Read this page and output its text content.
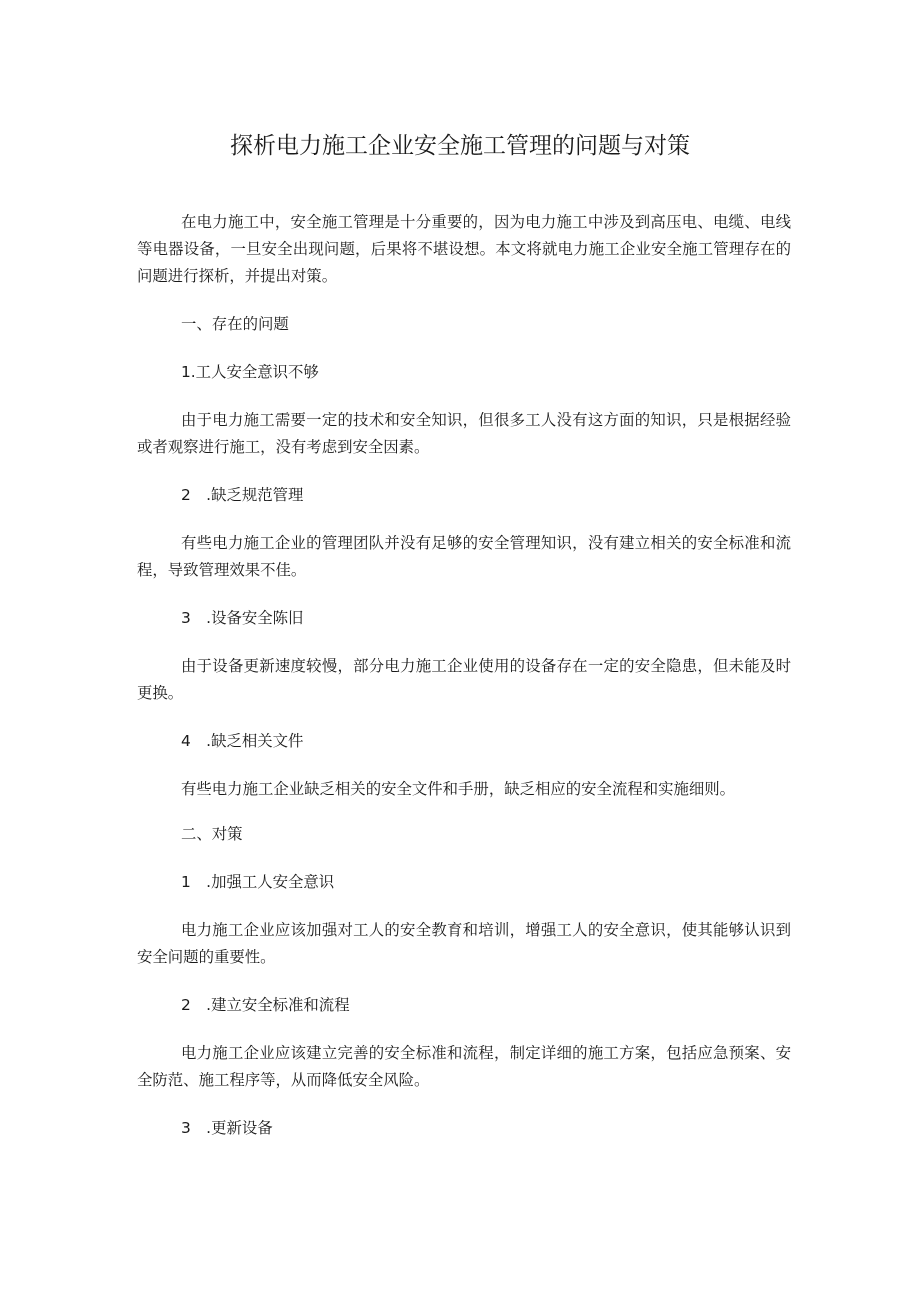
探析电力施工企业安全施工管理的问题与对策

在电力施工中，安全施工管理是十分重要的，因为电力施工中涉及到高压电、电缆、电线等电器设备，一旦安全出现问题，后果将不堪设想。本文将就电力施工企业安全施工管理存在的问题进行探析，并提出对策。

一、存在的问题

1.工人安全意识不够

由于电力施工需要一定的技术和安全知识，但很多工人没有这方面的知识，只是根据经验或者观察进行施工，没有考虑到安全因素。

2　.缺乏规范管理

有些电力施工企业的管理团队并没有足够的安全管理知识，没有建立相关的安全标准和流程，导致管理效果不佳。

3　.设备安全陈旧

由于设备更新速度较慢，部分电力施工企业使用的设备存在一定的安全隐患，但未能及时更换。

4　.缺乏相关文件

有些电力施工企业缺乏相关的安全文件和手册，缺乏相应的安全流程和实施细则。

二、对策

1　.加强工人安全意识

电力施工企业应该加强对工人的安全教育和培训，增强工人的安全意识，使其能够认识到安全问题的重要性。

2　.建立安全标准和流程

电力施工企业应该建立完善的安全标准和流程，制定详细的施工方案，包括应急预案、安全防范、施工程序等，从而降低安全风险。

3　.更新设备
